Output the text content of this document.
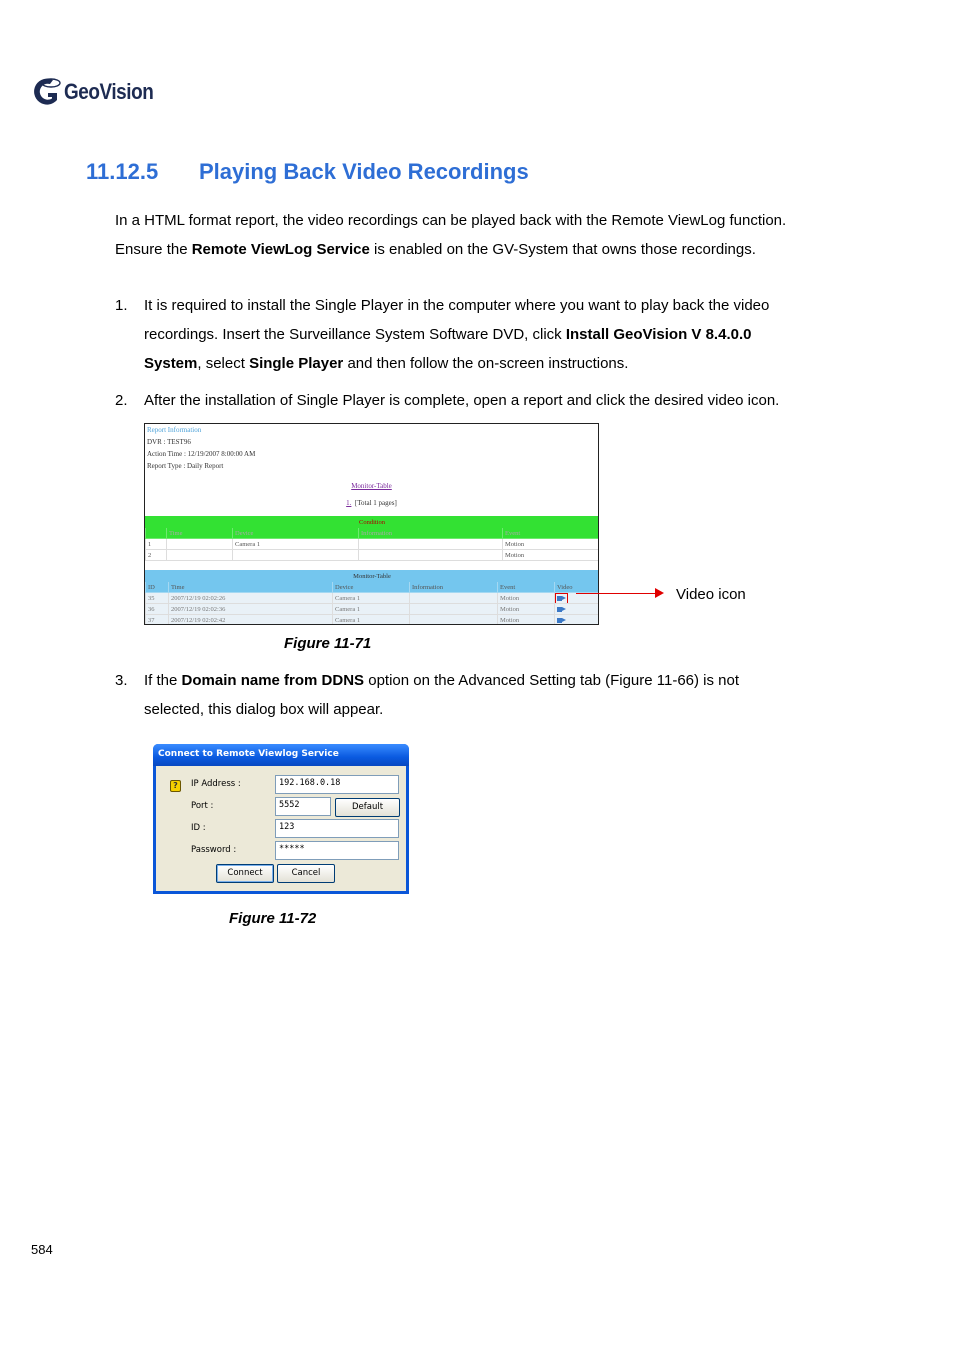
GeoVision
11.12.5 Playing Back Video Recordings
In a HTML format report, the video recordings can be played back with the Remote ViewLog function.
Ensure the Remote ViewLog Service is enabled on the GV-System that owns those recordings.
1. It is required to install the Single Player in the computer where you want to play back the video
recordings. Insert the Surveillance System Software DVD, click Install GeoVision V 8.4.0.0
System, select Single Player and then follow the on-screen instructions.
2. After the installation of Single Player is complete, open a report and click the desired video icon.
Report Information
DVR : TEST96
Action Time : 12/19/2007 8:00:00 AM
Report Type : Daily Report
Monitor-Table
1. [Total 1 pages]
Condition				
	Time	Device	Information	Event
1		Camera 1		Motion
2				Motion
Monitor-Table					
ID	Time	Device	Information	Event	Video
35	2007/12/19 02:02:26	Camera 1		Motion	
36	2007/12/19 02:02:36	Camera 1		Motion	
37	2007/12/19 02:02:42	Camera 1		Motion	
Video icon
Figure 11-71
3. If the Domain name from DDNS option on the Advanced Setting tab (Figure 11-66) is not
selected, this dialog box will appear.
Connect to Remote Viewlog Service
?	IP Address :	192.168.0.18
Port :	5552	Default
ID :	123
Password :	*****
Connect	Cancel
Figure 11-72
584
